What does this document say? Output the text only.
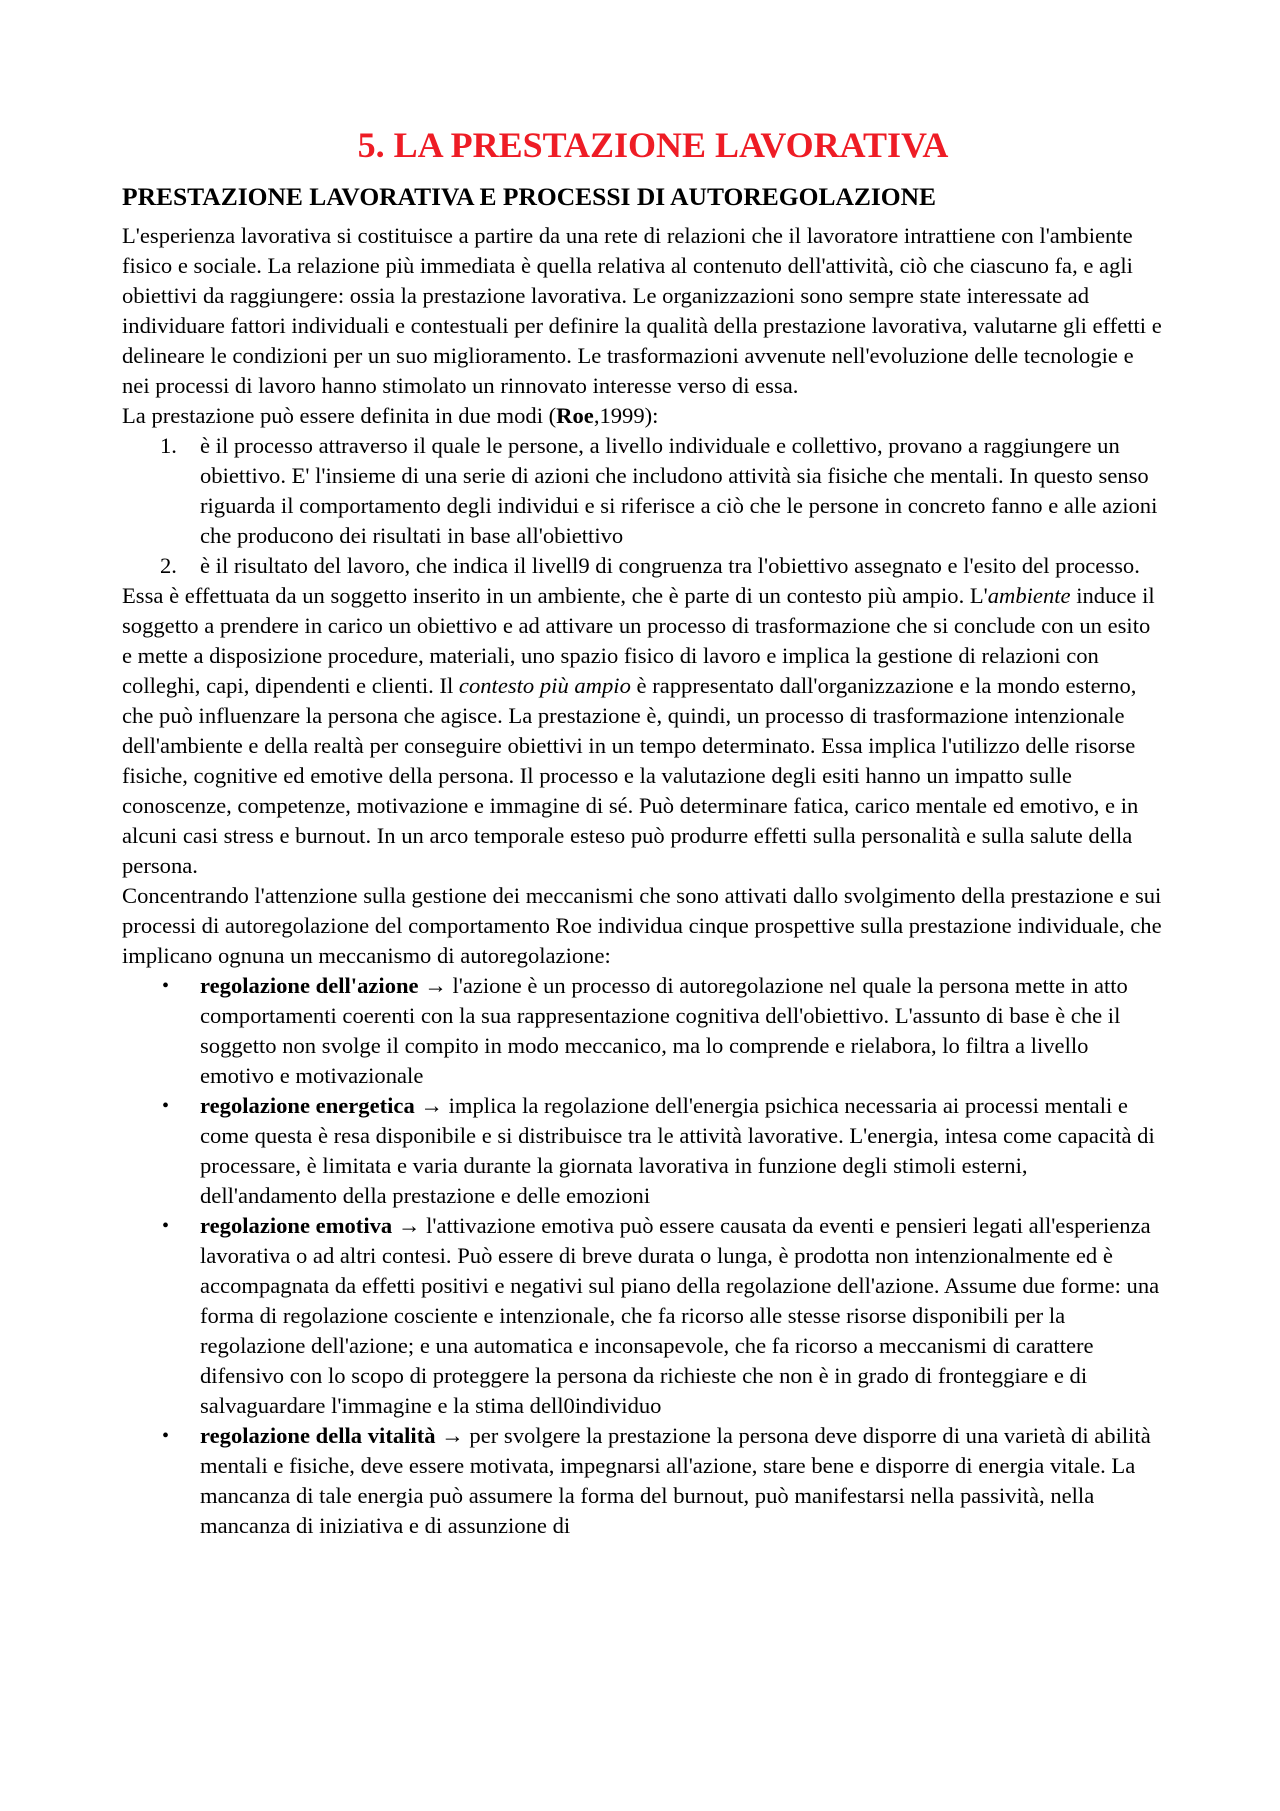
5. LA PRESTAZIONE LAVORATIVA
PRESTAZIONE LAVORATIVA E PROCESSI DI AUTOREGOLAZIONE

L'esperienza lavorativa si costituisce a partire da una rete di relazioni che il lavoratore intrattiene con l'ambiente fisico e sociale. La relazione più immediata è quella relativa al contenuto dell'attività, ciò che ciascuno fa, e agli obiettivi da raggiungere: ossia la prestazione lavorativa. Le organizzazioni sono sempre state interessate ad individuare fattori individuali e contestuali per definire la qualità della prestazione lavorativa, valutarne gli effetti e delineare le condizioni per un suo miglioramento. Le trasformazioni avvenute nell'evoluzione delle tecnologie e nei processi di lavoro hanno stimolato un rinnovato interesse verso di essa.

La prestazione può essere definita in due modi (Roe,1999):

1. è il processo attraverso il quale le persone, a livello individuale e collettivo, provano a raggiungere un obiettivo. E' l'insieme di una serie di azioni che includono attività sia fisiche che mentali. In questo senso riguarda il comportamento degli individui e si riferisce a ciò che le persone in concreto fanno e alle azioni che producono dei risultati in base all'obiettivo
2. è il risultato del lavoro, che indica il livell9 di congruenza tra l'obiettivo assegnato e l'esito del processo.

Essa è effettuata da un soggetto inserito in un ambiente, che è parte di un contesto più ampio. L'ambiente induce il soggetto a prendere in carico un obiettivo e ad attivare un processo di trasformazione che si conclude con un esito e mette a disposizione procedure, materiali, uno spazio fisico di lavoro e implica la gestione di relazioni con colleghi, capi, dipendenti e clienti. Il contesto più ampio è rappresentato dall'organizzazione e la mondo esterno, che può influenzare la persona che agisce. La prestazione è, quindi, un processo di trasformazione intenzionale dell'ambiente e della realtà per conseguire obiettivi in un tempo determinato. Essa implica l'utilizzo delle risorse fisiche, cognitive ed emotive della persona. Il processo e la valutazione degli esiti hanno un impatto sulle conoscenze, competenze, motivazione e immagine di sé. Può determinare fatica, carico mentale ed emotivo, e in alcuni casi stress e burnout. In un arco temporale esteso può produrre effetti sulla personalità e sulla salute della persona.

Concentrando l'attenzione sulla gestione dei meccanismi che sono attivati dallo svolgimento della prestazione e sui processi di autoregolazione del comportamento Roe individua cinque prospettive sulla prestazione individuale, che implicano ognuna un meccanismo di autoregolazione:

• regolazione dell'azione → l'azione è un processo di autoregolazione nel quale la persona mette in atto comportamenti coerenti con la sua rappresentazione cognitiva dell'obiettivo. L'assunto di base è che il soggetto non svolge il compito in modo meccanico, ma lo comprende e rielabora, lo filtra a livello emotivo e motivazionale
• regolazione energetica → implica la regolazione dell'energia psichica necessaria ai processi mentali e come questa è resa disponibile e si distribuisce tra le attività lavorative. L'energia, intesa come capacità di processare, è limitata e varia durante la giornata lavorativa in funzione degli stimoli esterni, dell'andamento della prestazione e delle emozioni
• regolazione emotiva → l'attivazione emotiva può essere causata da eventi e pensieri legati all'esperienza lavorativa o ad altri contesi. Può essere di breve durata o lunga, è prodotta non intenzionalmente ed è accompagnata da effetti positivi e negativi sul piano della regolazione dell'azione. Assume due forme: una forma di regolazione cosciente e intenzionale, che fa ricorso alle stesse risorse disponibili per la regolazione dell'azione; e una automatica e inconsapevole, che fa ricorso a meccanismi di carattere difensivo con lo scopo di proteggere la persona da richieste che non è in grado di fronteggiare e di salvaguardare l'immagine e la stima dell0individuo
• regolazione della vitalità → per svolgere la prestazione la persona deve disporre di una varietà di abilità mentali e fisiche, deve essere motivata, impegnarsi all'azione, stare bene e disporre di energia vitale. La mancanza di tale energia può assumere la forma del burnout, può manifestarsi nella passività, nella mancanza di iniziativa e di assunzione di
